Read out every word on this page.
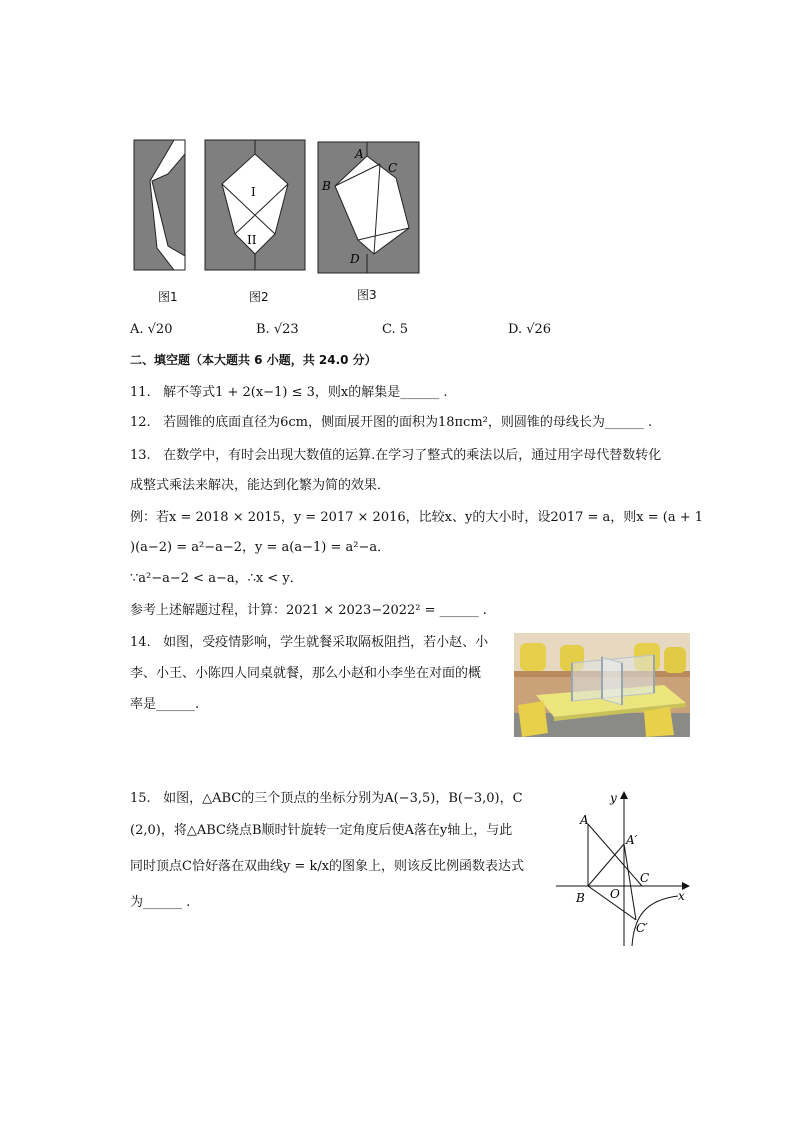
I
II
A
B
C
D
图1	图2	图3
A. √20	B. √23	C. 5	D. √26
二、填空题（本大题共 6 小题，共 24.0 分）
11. 解不等式1 + 2(x−1) ≤ 3，则x的解集是______ .
12. 若圆锥的底面直径为6cm，侧面展开图的面积为18πcm²，则圆锥的母线长为______ .
13. 在数学中，有时会出现大数值的运算.在学习了整式的乘法以后，通过用字母代替数转化
成整式乘法来解决，能达到化繁为简的效果．
例：若x = 2018 × 2015，y = 2017 × 2016，比较x、y的大小时，设2017 = a，则x = (a + 1
)(a−2) = a²−a−2，y = a(a−1) = a²−a．
∵a²−a−2 < a−a，∴x < y．
参考上述解题过程，计算：2021 × 2023−2022² = ______ .
14. 如图，受疫情影响，学生就餐采取隔板阻挡，若小赵、小
李、小王、小陈四人同桌就餐，那么小赵和小李坐在对面的概
率是______.
15. 如图，△ABC的三个顶点的坐标分别为A(−3,5)，B(−3,0)，C
(2,0)，将△ABC绕点B顺时针旋转一定角度后使A落在y轴上，与此
同时顶点C恰好落在双曲线y = k/x的图象上，则该反比例函数表达式
为______ .
y
x
O
A
A′
B
C
C′
